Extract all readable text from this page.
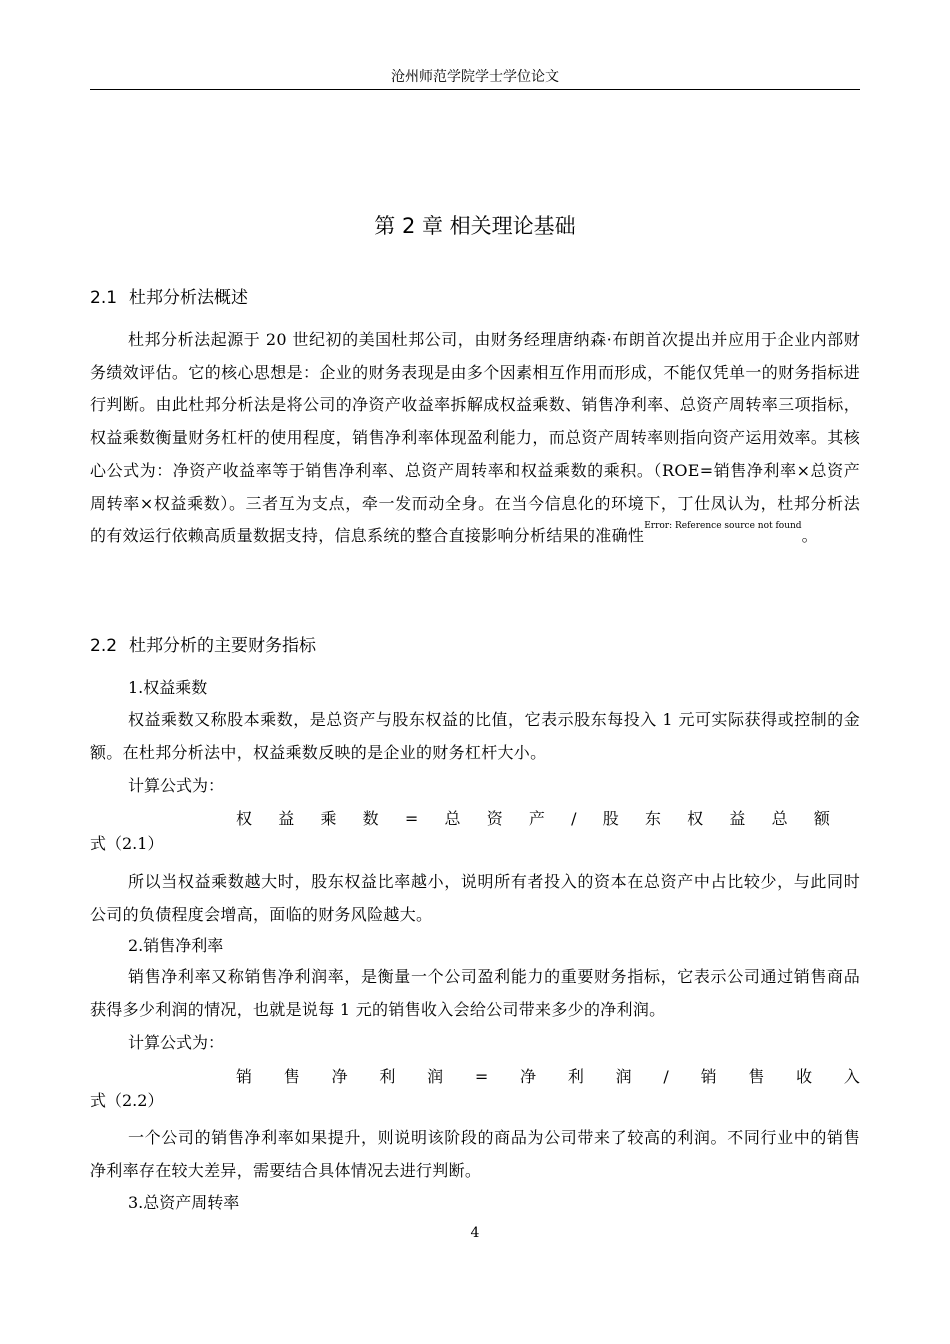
沧州师范学院学士学位论文
第 2 章 相关理论基础
2.1 杜邦分析法概述

杜邦分析法起源于 20 世纪初的美国杜邦公司，由财务经理唐纳森·布朗首次提出并应用于企业内部财务绩效评估。它的核心思想是：企业的财务表现是由多个因素相互作用而形成，不能仅凭单一的财务指标进行判断。由此杜邦分析法是将公司的净资产收益率拆解成权益乘数、销售净利率、总资产周转率三项指标，权益乘数衡量财务杠杆的使用程度，销售净利率体现盈利能力，而总资产周转率则指向资产运用效率。其核心公式为：净资产收益率等于销售净利率、总资产周转率和权益乘数的乘积。（ROE=销售净利率×总资产周转率×权益乘数）。三者互为支点，牵一发而动全身。在当今信息化的环境下，丁仕凤认为，杜邦分析法的有效运行依赖高质量数据支持，信息系统的整合直接影响分析结果的准确性$^{Error: Reference source not found}$。

2.2 杜邦分析的主要财务指标
1.权益乘数

权益乘数又称股本乘数，是总资产与股东权益的比值，它表示股东每投入 1 元可实际获得或控制的金额。在杜邦分析法中，权益乘数反映的是企业的财务杠杆大小。

计算公式为：
权 益 乘 数 = 总 资 产 / 股 东 权 益 总 额
式（2.1）

所以当权益乘数越大时，股东权益比率越小，说明所有者投入的资本在总资产中占比较少，与此同时公司的负债程度会增高，面临的财务风险越大。

2.销售净利率

销售净利率又称销售净利润率，是衡量一个公司盈利能力的重要财务指标，它表示公司通过销售商品获得多少利润的情况，也就是说每 1 元的销售收入会给公司带来多少的净利润。

计算公式为：
销 售 净 利 润 = 净 利 润 / 销 售 收 入
式（2.2）

一个公司的销售净利率如果提升，则说明该阶段的商品为公司带来了较高的利润。不同行业中的销售净利率存在较大差异，需要结合具体情况去进行判断。

3.总资产周转率
4
